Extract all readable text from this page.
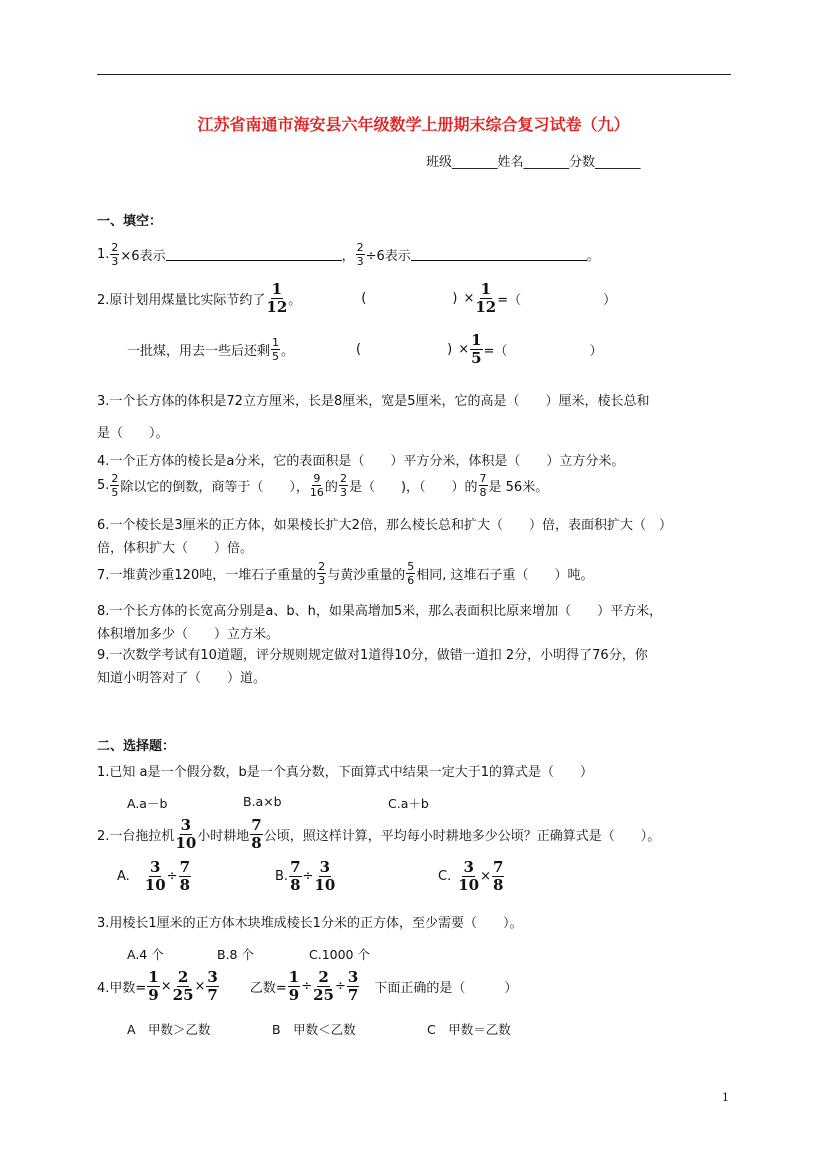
江苏省南通市海安县六年级数学上册期末综合复习试卷（九）
班级_______姓名_______分数_______
一、填空：
1. $\frac{2}{3} \times 6$表示	， $\frac{2}{3} \div 6$表示	。
2.原计划用煤量比实际节约了 $\frac{1}{12}$ 。	(	) × $\frac{1}{12}$ =（	）
一批煤，用去一些后还剩 $\frac{1}{5}$ 。	(	) × $\frac{1}{5}$ =（	）
3.一个长方体的体积是72立方厘米，长是8厘米，宽是5厘米，它的高是（　　）厘米，棱长总和
是（　　）。
4.一个正方体的棱长是a分米，它的表面积是（　　）平方分米，体积是（　　）立方分米。
5. $\frac{2}{5}$ 除以它的倒数，商等于（　　）， $\frac{9}{16}$ 的 $\frac{2}{3}$ 是（　　)，（　　）的 $\frac{7}{8}$ 是 56米。
6.一个棱长是3厘米的正方体，如果棱长扩大2倍，那么棱长总和扩大（　　）倍，表面积扩大（　）
倍，体积扩大（　　）倍。
7.一堆黄沙重120吨，一堆石子重量的 $\frac{2}{3}$ 与黄沙重量的 $\frac{5}{6}$ 相同, 这堆石子重（　　）吨。
8.一个长方体的长宽高分别是a、b、h，如果高增加5米，那么表面积比原来增加（　　）平方米，
体积增加多少（　　）立方米。
9.一次数学考试有10道题，评分规则规定做对1道得10分，做错一道扣 2分，小明得了76分，你
知道小明答对了（　　）道。
二、选择题：
1.已知 a是一个假分数，b是一个真分数，下面算式中结果一定大于1的算式是（　　）
A.a－b	B.a×b	C.a＋b
2.一台拖拉机 $\frac{3}{10}$ 小时耕地 $\frac{7}{8}$ 公顷，照这样计算，平均每小时耕地多少公顷？正确算式是（　　）。
A. $\frac{3}{10} \div \frac{7}{8}$	B. $\frac{7}{8} \div \frac{3}{10}$	C. $\frac{3}{10} \times \frac{7}{8}$
3.用棱长1厘米的正方体木块堆成棱长1分米的正方体，至少需要（　　）。
A.4 个	B.8 个	C.1000 个
4.甲数= $\frac{1}{9} \times \frac{2}{25} \times \frac{3}{7}$ 乙数= $\frac{1}{9} \div \frac{2}{25} \div \frac{3}{7}$ 下面正确的是（　　　）
A　甲数＞乙数	B　甲数＜乙数	C　甲数＝乙数
1
